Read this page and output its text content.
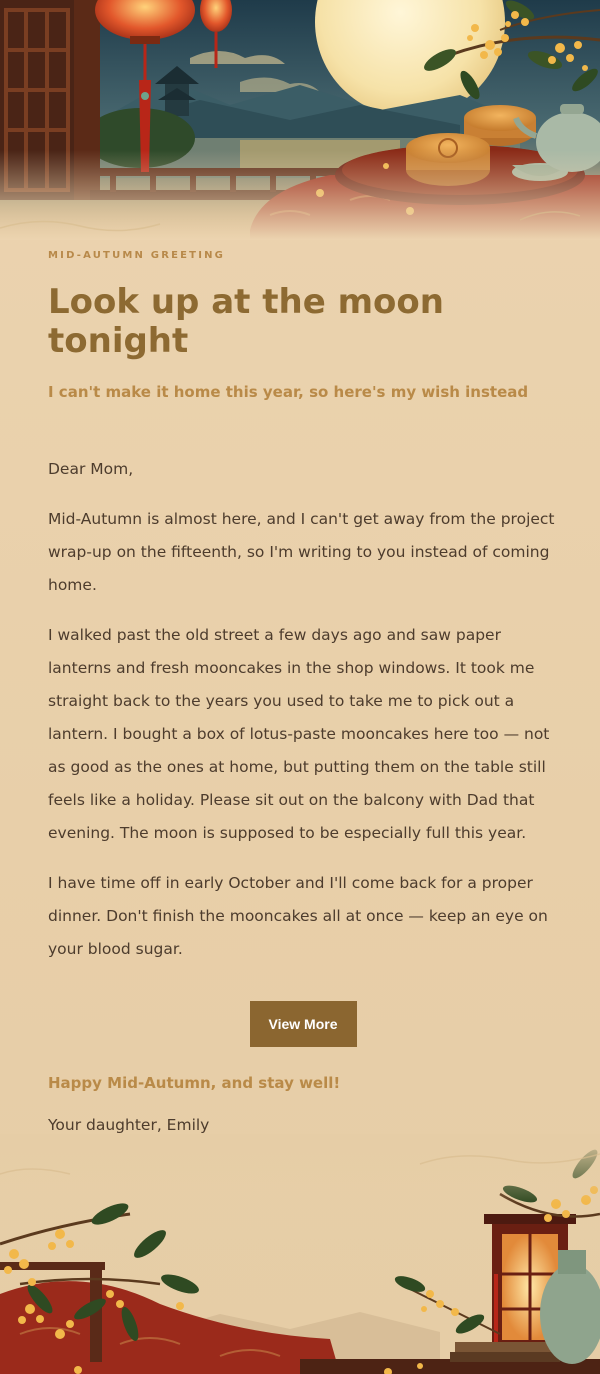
MID-AUTUMN GREETING
Look up at the moon tonight
I can't make it home this year, so here's my wish instead

Dear Mom,

Mid-Autumn is almost here, and I can't get away from the project wrap-up on the fifteenth, so I'm writing to you instead of coming home.

I walked past the old street a few days ago and saw paper lanterns and fresh mooncakes in the shop windows. It took me straight back to the years you used to take me to pick out a lantern. I bought a box of lotus-paste mooncakes here too — not as good as the ones at home, but putting them on the table still feels like a holiday. Please sit out on the balcony with Dad that evening. The moon is supposed to be especially full this year.

I have time off in early October and I'll come back for a proper dinner. Don't finish the mooncakes all at once — keep an eye on your blood sugar.

View More
Happy Mid-Autumn, and stay well!
Your daughter, Emily
